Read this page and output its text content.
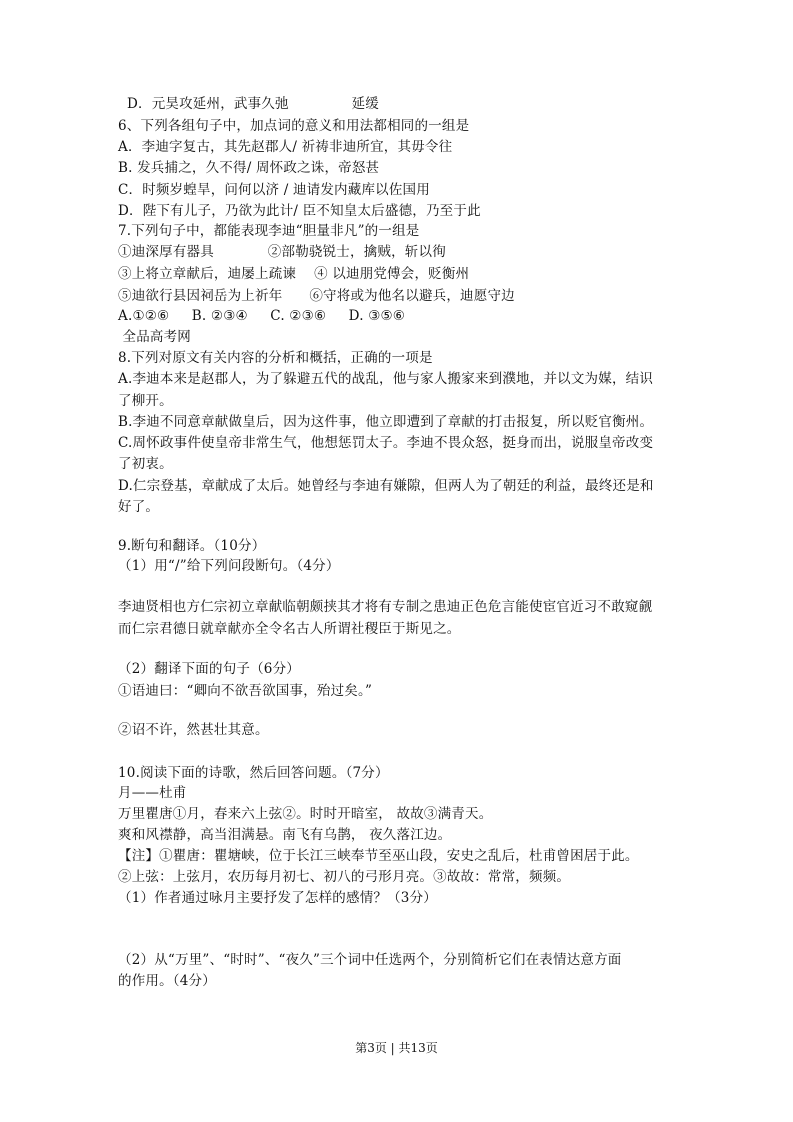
D．元昊攻延州，武事久弛              延缓
6、下列各组句子中，加点词的意义和用法都相同的一组是
A．李迪字复古，其先赵郡人/ 祈祷非迪所宜，其毋令往
B. 发兵捕之，久不得/ 周怀政之诛，帝怒甚
C．时频岁蝗旱，问何以济 / 迪请发内藏库以佐国用
D．陛下有儿子，乃欲为此计/ 臣不知皇太后盛德，乃至于此
7.下列句子中，都能表现李迪“胆量非凡”的一组是
①迪深厚有器具            ②部勒骁锐士，擒贼，斩以徇
③上将立章献后，迪屡上疏谏    ④ 以迪朋党傅会，贬衡州
⑤迪欲行县因祠岳为上祈年      ⑥守将或为他名以避兵，迪愿守边
A.①②⑥     B. ②③④     C. ②③⑥     D. ③⑤⑥
全品高考网
8.下列对原文有关内容的分析和概括，正确的一项是
A.李迪本来是赵郡人，为了躲避五代的战乱，他与家人搬家来到濮地，并以文为媒，结识
了柳开。
B.李迪不同意章献做皇后，因为这件事，他立即遭到了章献的打击报复，所以贬官衡州。
C.周怀政事件使皇帝非常生气，他想惩罚太子。李迪不畏众怒，挺身而出，说服皇帝改变
了初衷。
D.仁宗登基，章献成了太后。她曾经与李迪有嫌隙，但两人为了朝廷的利益，最终还是和
好了。
9.断句和翻译。（10分）
（1）用“/”给下列问段断句。（4分）
李迪贤相也方仁宗初立章献临朝颇挟其才将有专制之患迪正色危言能使宦官近习不敢窥觎
而仁宗君德日就章献亦全令名古人所谓社稷臣于斯见之。
（2）翻译下面的句子（6分）
①语迪曰：“卿向不欲吾欲国事，殆过矣。”
②诏不许，然甚壮其意。
10.阅读下面的诗歌，然后回答问题。（7分）
月——杜甫
万里瞿唐①月，春来六上弦②。时时开暗室， 故故③满青天。
爽和风襟静，高当泪满悬。南飞有乌鹊， 夜久落江边。
【注】①瞿唐：瞿塘峡，位于长江三峡奉节至巫山段，安史之乱后，杜甫曾困居于此。
②上弦：上弦月，农历每月初七、初八的弓形月亮。③故故：常常，频频。
（1）作者通过咏月主要抒发了怎样的感情？（3分）
（2）从“万里”、“时时”、“夜久”三个词中任选两个，分别简析它们在表情达意方面
的作用。（4分）
第3页 | 共13页
